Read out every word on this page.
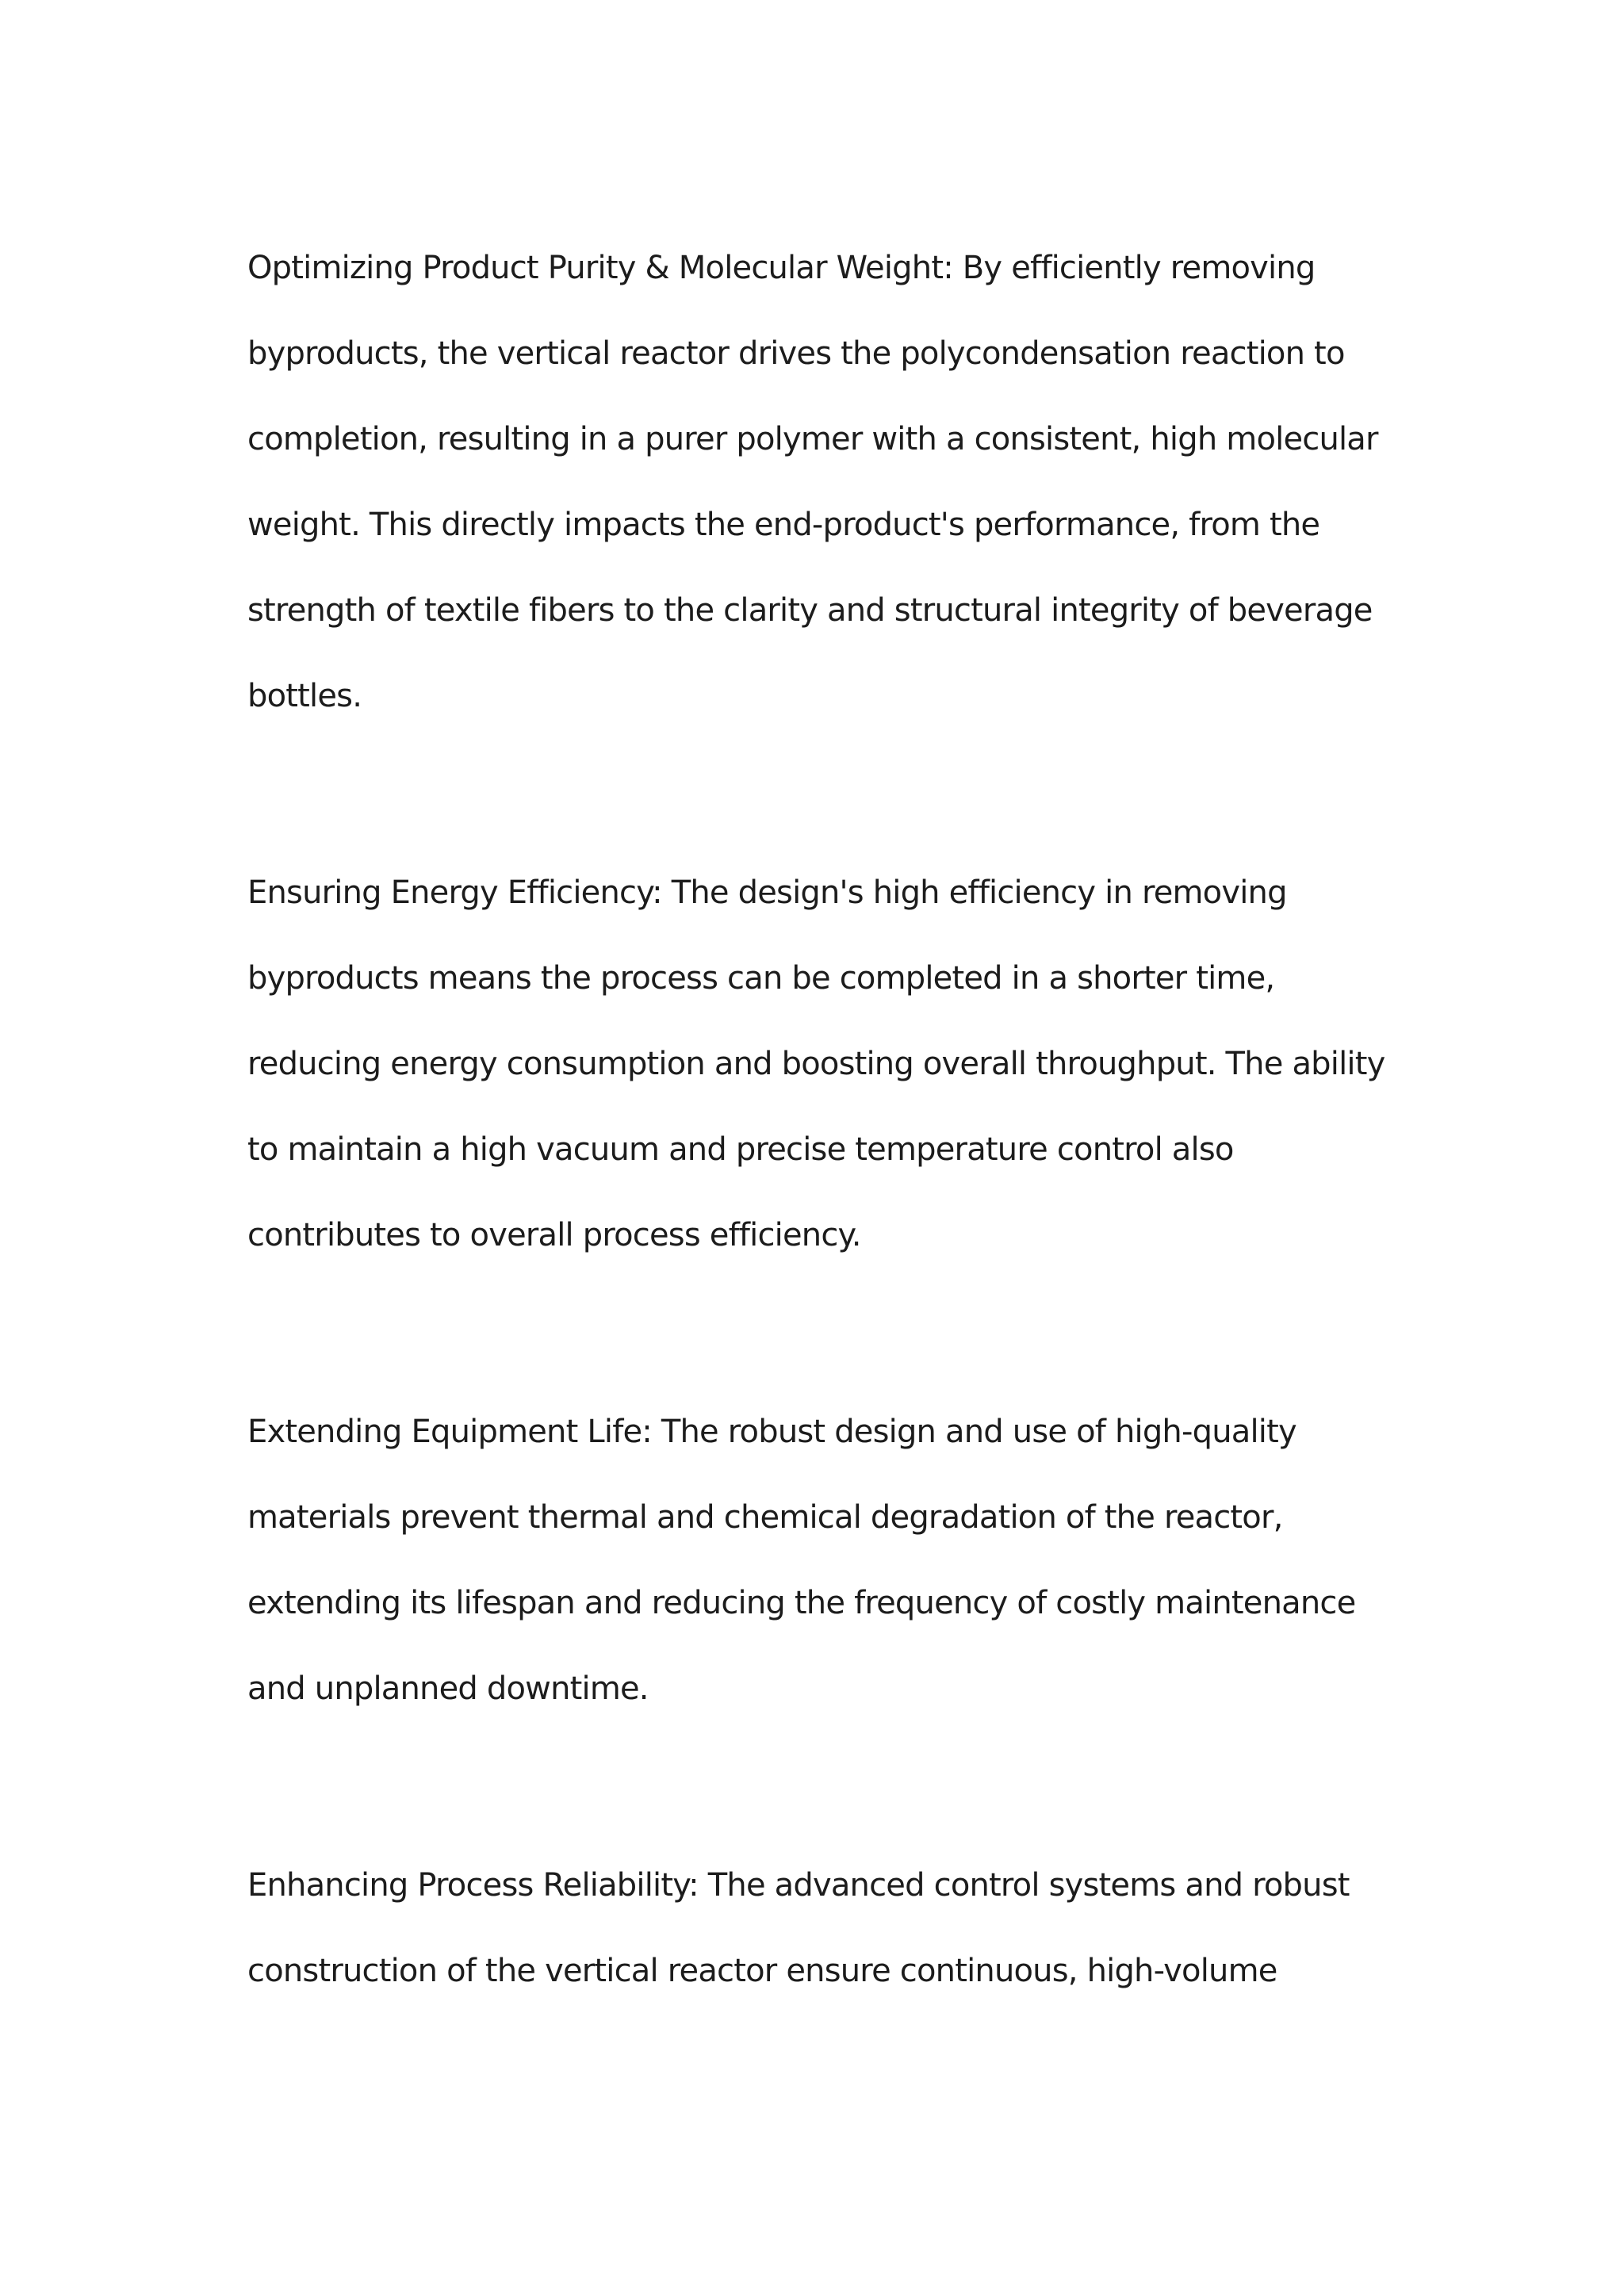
Optimizing Product Purity & Molecular Weight: By efficiently removing byproducts, the vertical reactor drives the polycondensation reaction to completion, resulting in a purer polymer with a consistent, high molecular weight. This directly impacts the end-product's performance, from the strength of textile fibers to the clarity and structural integrity of beverage bottles.

Ensuring Energy Efficiency: The design's high efficiency in removing byproducts means the process can be completed in a shorter time, reducing energy consumption and boosting overall throughput. The ability to maintain a high vacuum and precise temperature control also contributes to overall process efficiency.

Extending Equipment Life: The robust design and use of high-quality materials prevent thermal and chemical degradation of the reactor, extending its lifespan and reducing the frequency of costly maintenance and unplanned downtime.

Enhancing Process Reliability: The advanced control systems and robust construction of the vertical reactor ensure continuous, high-volume
